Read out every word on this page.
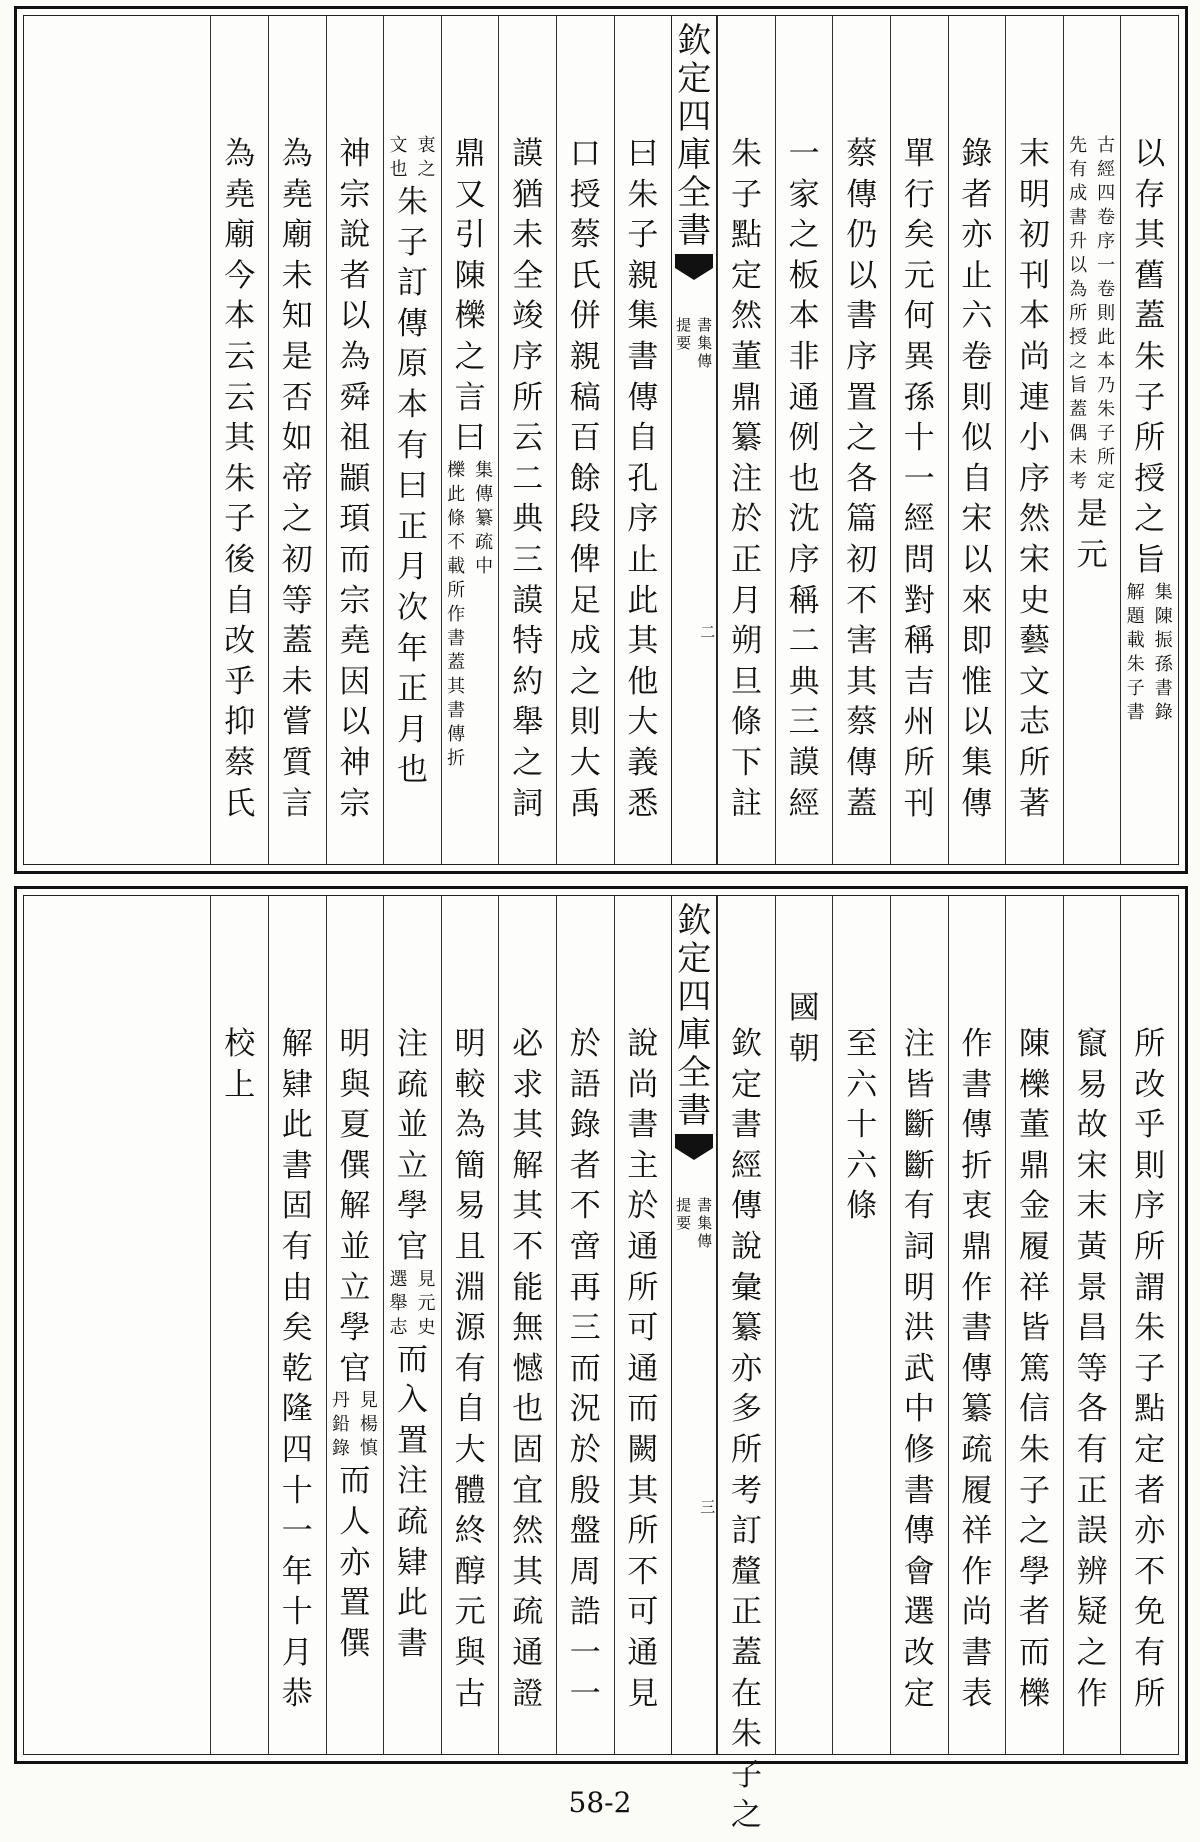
以
存
其
舊
蓋
朱
子
所
授
之
旨
集
陳
振
孫
書
錄
解
題
載
朱
子
書
古
經
四
卷
序
一
卷
則
此
本
乃
朱
子
所
定
先
有
成
書
升
以
為
所
授
之
旨
蓋
偶
未
考
是
元
末
明
初
刊
本
尚
連
小
序
然
宋
史
藝
文
志
所
著
錄
者
亦
止
六
卷
則
似
自
宋
以
來
即
惟
以
集
傳
單
行
矣
元
何
異
孫
十
一
經
問
對
稱
吉
州
所
刊
蔡
傳
仍
以
書
序
置
之
各
篇
初
不
害
其
蔡
傳
蓋
一
家
之
板
本
非
通
例
也
沈
序
稱
二
典
三
謨
經
朱
子
點
定
然
董
鼎
纂
注
於
正
月
朔
旦
條
下
註
欽
定
四
庫
全
書
書
集
傳
提
要
二
曰
朱
子
親
集
書
傳
自
孔
序
止
此
其
他
大
義
悉
口
授
蔡
氏
併
親
稿
百
餘
段
俾
足
成
之
則
大
禹
謨
猶
未
全
竣
序
所
云
二
典
三
謨
特
約
舉
之
詞
鼎
又
引
陳
櫟
之
言
曰
集
傳
纂
疏
中
櫟
此
條
不
載
所
作
書
蓋
其
書
傳
折
衷
之
文
也
朱
子
訂
傳
原
本
有
曰
正
月
次
年
正
月
也
神
宗
說
者
以
為
舜
祖
顓
頊
而
宗
堯
因
以
神
宗
為
堯
廟
未
知
是
否
如
帝
之
初
等
蓋
未
嘗
質
言
為
堯
廟
今
本
云
云
其
朱
子
後
自
改
乎
抑
蔡
氏
所
改
乎
則
序
所
謂
朱
子
點
定
者
亦
不
免
有
所
竄
易
故
宋
末
黃
景
昌
等
各
有
正
誤
辨
疑
之
作
陳
櫟
董
鼎
金
履
祥
皆
篤
信
朱
子
之
學
者
而
櫟
作
書
傳
折
衷
鼎
作
書
傳
纂
疏
履
祥
作
尚
書
表
注
皆
斷
斷
有
詞
明
洪
武
中
修
書
傳
會
選
改
定
至
六
十
六
條
國
朝
欽
定
書
經
傳
說
彙
纂
亦
多
所
考
訂
釐
正
蓋
在
朱
子
之
欽
定
四
庫
全
書
書
集
傳
提
要
三
說
尚
書
主
於
通
所
可
通
而
闕
其
所
不
可
通
見
於
語
錄
者
不
啻
再
三
而
況
於
殷
盤
周
誥
一
一
必
求
其
解
其
不
能
無
憾
也
固
宜
然
其
疏
通
證
明
較
為
簡
易
且
淵
源
有
自
大
體
終
醇
元
與
古
注
疏
並
立
學
官
見
元
史
選
舉
志
而
入
置
注
疏
肄
此
書
明
與
夏
僎
解
並
立
學
官
見
楊
慎
丹
鉛
錄
而
人
亦
置
僎
解
肄
此
書
固
有
由
矣
乾
隆
四
十
一
年
十
月
恭
校
上
58-2
